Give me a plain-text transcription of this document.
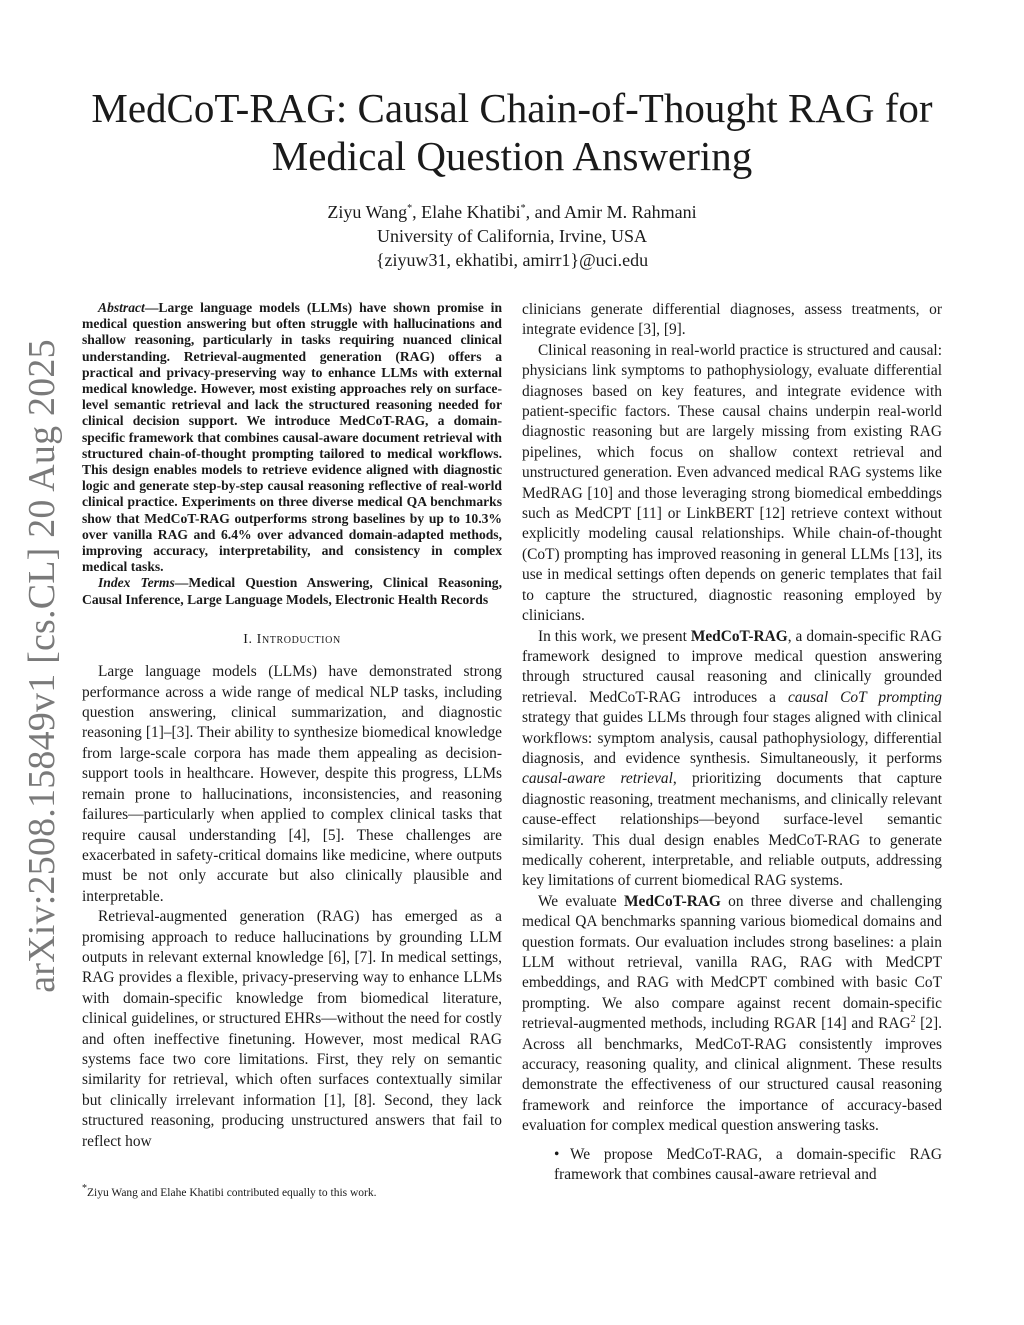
arXiv:2508.15849v1 [cs.CL] 20 Aug 2025
MedCoT-RAG: Causal Chain-of-Thought RAG for
Medical Question Answering
Ziyu Wang*, Elahe Khatibi*, and Amir M. Rahmani
University of California, Irvine, USA
{ziyuw31, ekhatibi, amirr1}@uci.edu

Abstract—Large language models (LLMs) have shown promise in medical question answering but often struggle with hallucinations and shallow reasoning, particularly in tasks requiring nuanced clinical understanding. Retrieval-augmented generation (RAG) offers a practical and privacy-preserving way to enhance LLMs with external medical knowledge. However, most existing approaches rely on surface-level semantic retrieval and lack the structured reasoning needed for clinical decision support. We introduce MedCoT-RAG, a domain-specific framework that combines causal-aware document retrieval with structured chain-of-thought prompting tailored to medical workflows. This design enables models to retrieve evidence aligned with diagnostic logic and generate step-by-step causal reasoning reflective of real-world clinical practice. Experiments on three diverse medical QA benchmarks show that MedCoT-RAG outperforms strong baselines by up to 10.3% over vanilla RAG and 6.4% over advanced domain-adapted methods, improving accuracy, interpretability, and consistency in complex medical tasks.

Index Terms—Medical Question Answering, Clinical Reasoning, Causal Inference, Large Language Models, Electronic Health Records

I. Introduction

Large language models (LLMs) have demonstrated strong performance across a wide range of medical NLP tasks, including question answering, clinical summarization, and diagnostic reasoning [1]–[3]. Their ability to synthesize biomedical knowledge from large-scale corpora has made them appealing as decision-support tools in healthcare. However, despite this progress, LLMs remain prone to hallucinations, inconsistencies, and reasoning failures—particularly when applied to complex clinical tasks that require causal understanding [4], [5]. These challenges are exacerbated in safety-critical domains like medicine, where outputs must be not only accurate but also clinically plausible and interpretable.

Retrieval-augmented generation (RAG) has emerged as a promising approach to reduce hallucinations by grounding LLM outputs in relevant external knowledge [6], [7]. In medical settings, RAG provides a flexible, privacy-preserving way to enhance LLMs with domain-specific knowledge from biomedical literature, clinical guidelines, or structured EHRs—without the need for costly and often ineffective finetuning. However, most medical RAG systems face two core limitations. First, they rely on semantic similarity for retrieval, which often surfaces contextually similar but clinically irrelevant information [1], [8]. Second, they lack structured reasoning, producing unstructured answers that fail to reflect how

*Ziyu Wang and Elahe Khatibi contributed equally to this work.

clinicians generate differential diagnoses, assess treatments, or integrate evidence [3], [9].

Clinical reasoning in real-world practice is structured and causal: physicians link symptoms to pathophysiology, evaluate differential diagnoses based on key features, and integrate evidence with patient-specific factors. These causal chains underpin real-world diagnostic reasoning but are largely missing from existing RAG pipelines, which focus on shallow context retrieval and unstructured generation. Even advanced medical RAG systems like MedRAG [10] and those leveraging strong biomedical embeddings such as MedCPT [11] or LinkBERT [12] retrieve context without explicitly modeling causal relationships. While chain-of-thought (CoT) prompting has improved reasoning in general LLMs [13], its use in medical settings often depends on generic templates that fail to capture the structured, diagnostic reasoning employed by clinicians.

In this work, we present MedCoT-RAG, a domain-specific RAG framework designed to improve medical question answering through structured causal reasoning and clinically grounded retrieval. MedCoT-RAG introduces a causal CoT prompting strategy that guides LLMs through four stages aligned with clinical workflows: symptom analysis, causal pathophysiology, differential diagnosis, and evidence synthesis. Simultaneously, it performs causal-aware retrieval, prioritizing documents that capture diagnostic reasoning, treatment mechanisms, and clinically relevant cause-effect relationships—beyond surface-level semantic similarity. This dual design enables MedCoT-RAG to generate medically coherent, interpretable, and reliable outputs, addressing key limitations of current biomedical RAG systems.

We evaluate MedCoT-RAG on three diverse and challenging medical QA benchmarks spanning various biomedical domains and question formats. Our evaluation includes strong baselines: a plain LLM without retrieval, vanilla RAG, RAG with MedCPT embeddings, and RAG with MedCPT combined with basic CoT prompting. We also compare against recent domain-specific retrieval-augmented methods, including RGAR [14] and RAG$^2$ [2]. Across all benchmarks, MedCoT-RAG consistently improves accuracy, reasoning quality, and clinical alignment. These results demonstrate the effectiveness of our structured causal reasoning framework and reinforce the importance of accuracy-based evaluation for complex medical question answering tasks.

• We propose MedCoT-RAG, a domain-specific RAG framework that combines causal-aware retrieval and
